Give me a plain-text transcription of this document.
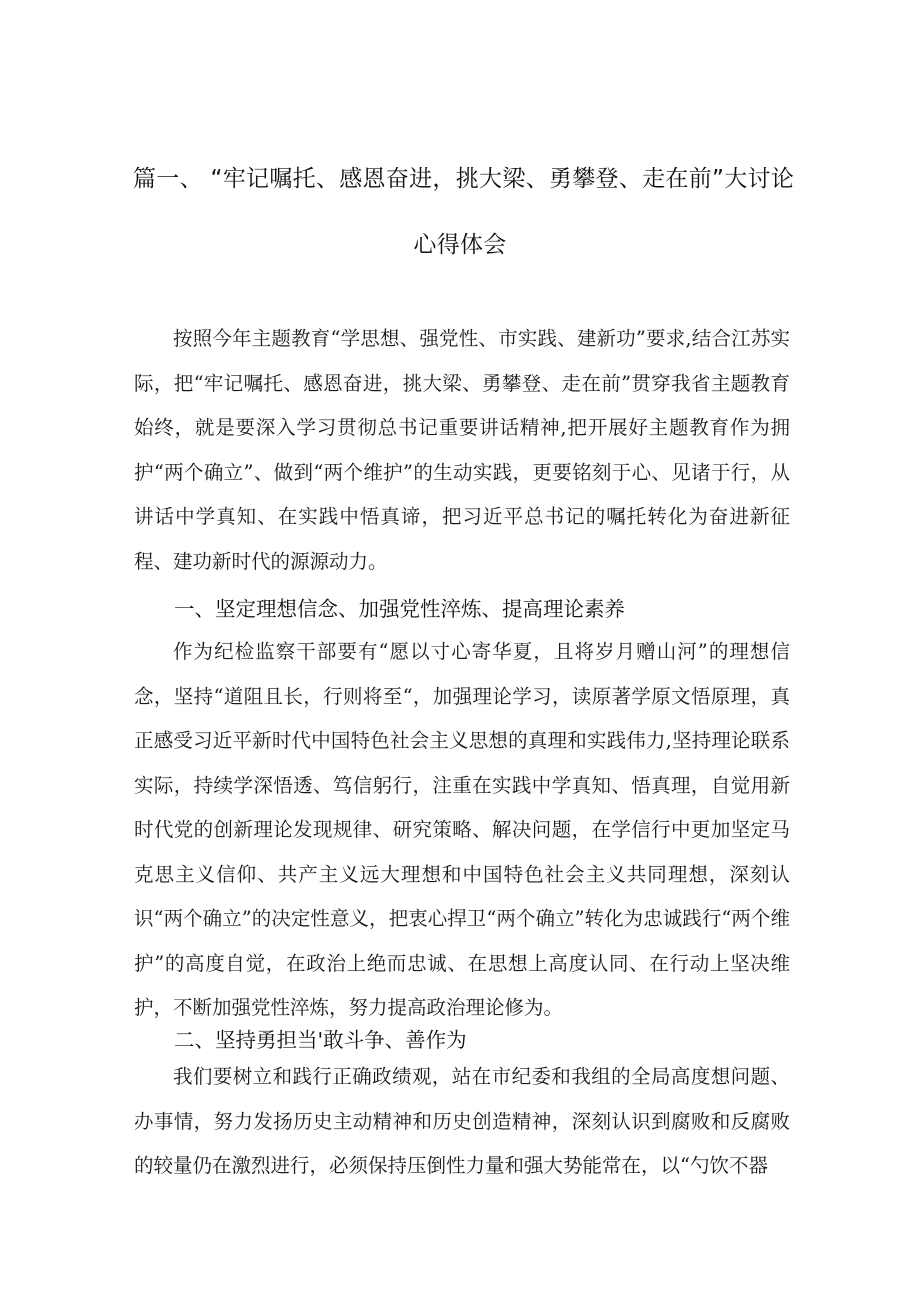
篇一、 “牢记嘱托、感恩奋进，挑大梁、勇攀登、走在前”大讨论
心得体会

按照今年主题教育“学思想、强党性、市实践、建新功”要求,结合江苏实际，把“牢记嘱托、感恩奋进，挑大梁、勇攀登、走在前”贯穿我省主题教育始终，就是要深入学习贯彻总书记重要讲话精神,把开展好主题教育作为拥护“两个确立”、做到“两个维护”的生动实践，更要铭刻于心、见诸于行，从讲话中学真知、在实践中悟真谛，把习近平总书记的嘱托转化为奋进新征程、建功新时代的源源动力。

一、坚定理想信念、加强党性淬炼、提高理论素养

作为纪检监察干部要有“愿以寸心寄华夏，且将岁月赠山河”的理想信念，坚持“道阻且长，行则将至“，加强理论学习，读原著学原文悟原理，真正感受习近平新时代中国特色社会主义思想的真理和实践伟力,坚持理论联系实际，持续学深悟透、笃信躬行，注重在实践中学真知、悟真理，自觉用新时代党的创新理论发现规律、研究策略、解决问题，在学信行中更加坚定马克思主义信仰、共产主义远大理想和中国特色社会主义共同理想，深刻认识“两个确立”的决定性意义，把衷心捍卫“两个确立”转化为忠诚践行“两个维护”的高度自觉，在政治上绝而忠诚、在思想上高度认同、在行动上坚决维护，不断加强党性淬炼，努力提高政治理论修为。

二、坚持勇担当'敢斗争、善作为

我们要树立和践行正确政绩观，站在市纪委和我组的全局高度想问题、办事情，努力发扬历史主动精神和历史创造精神，深刻认识到腐败和反腐败的较量仍在激烈进行，必须保持压倒性力量和强大势能常在，以“勺饮不器
